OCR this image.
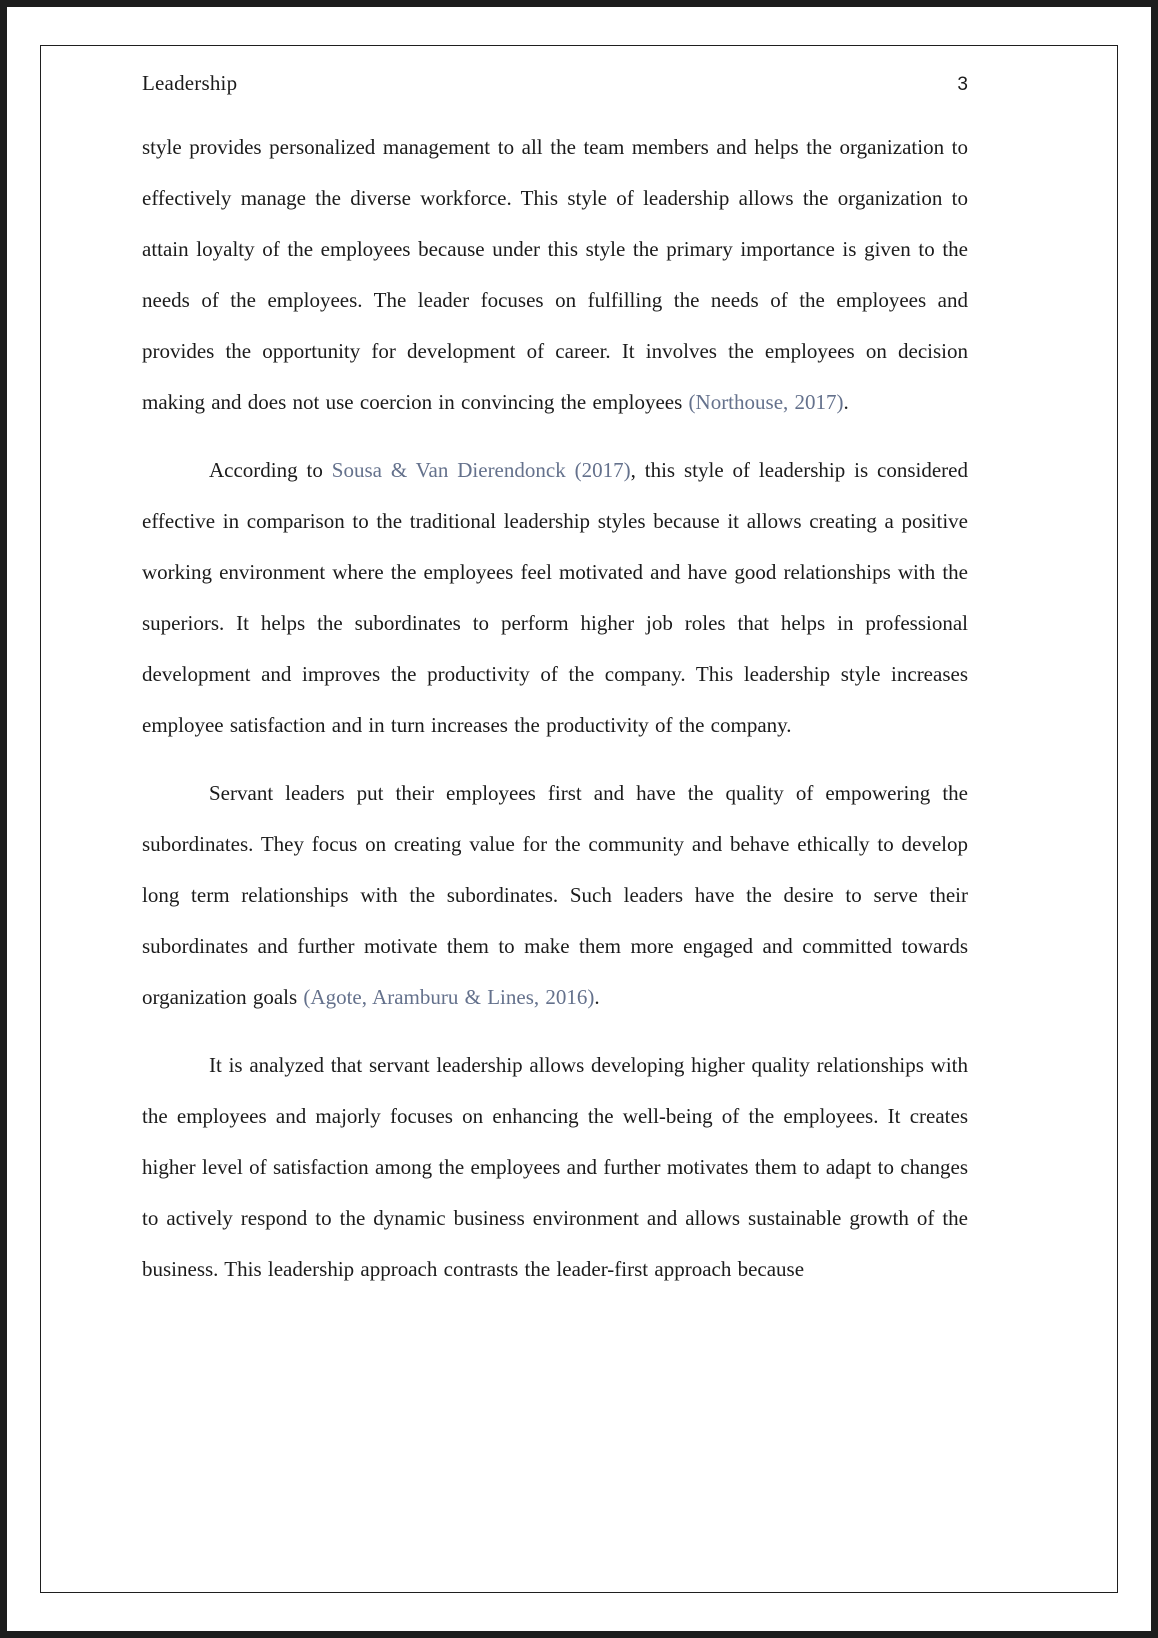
Leadership	3

style provides personalized management to all the team members and helps the organization to effectively manage the diverse workforce. This style of leadership allows the organization to attain loyalty of the employees because under this style the primary importance is given to the needs of the employees. The leader focuses on fulfilling the needs of the employees and provides the opportunity for development of career. It involves the employees on decision making and does not use coercion in convincing the employees (Northouse, 2017).

According to Sousa & Van Dierendonck (2017), this style of leadership is considered effective in comparison to the traditional leadership styles because it allows creating a positive working environment where the employees feel motivated and have good relationships with the superiors. It helps the subordinates to perform higher job roles that helps in professional development and improves the productivity of the company. This leadership style increases employee satisfaction and in turn increases the productivity of the company.

Servant leaders put their employees first and have the quality of empowering the subordinates. They focus on creating value for the community and behave ethically to develop long term relationships with the subordinates. Such leaders have the desire to serve their subordinates and further motivate them to make them more engaged and committed towards organization goals (Agote, Aramburu & Lines, 2016).

It is analyzed that servant leadership allows developing higher quality relationships with the employees and majorly focuses on enhancing the well-being of the employees. It creates higher level of satisfaction among the employees and further motivates them to adapt to changes to actively respond to the dynamic business environment and allows sustainable growth of the business. This leadership approach contrasts the leader-first approach because
